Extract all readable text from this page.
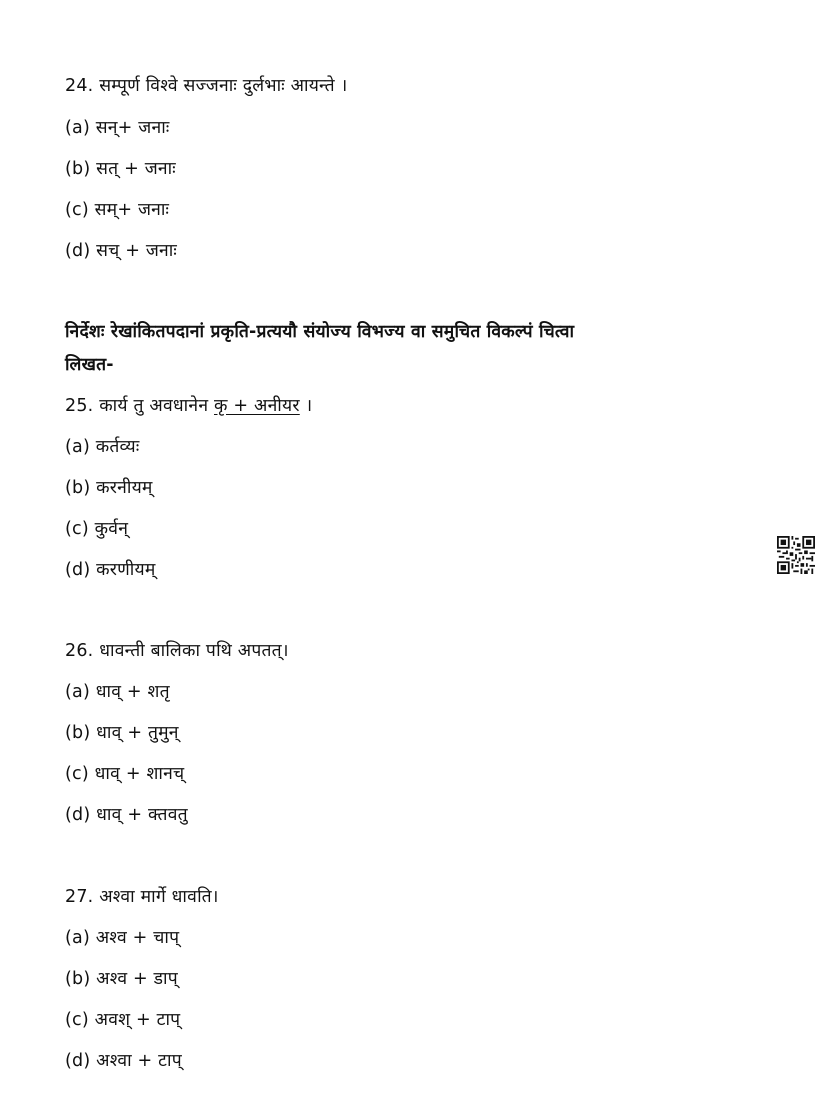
24. सम्पूर्ण विश्वे सज्जनाः दुर्लभाः आयन्ते ।
(a) सन्+ जनाः
(b) सत् + जनाः
(c) सम्+ जनाः
(d) सच् + जनाः
निर्देशः रेखांकितपदानां प्रकृति-प्रत्ययौ संयोज्य विभज्य वा समुचित विकल्पं चित्वा
लिखत-
25. कार्य तु अवधानेन कृ + अनीयर ।
(a) कर्तव्यः
(b) करनीयम्
(c) कुर्वन्
(d) करणीयम्
26. धावन्ती बालिका पथि अपतत्।
(a) धाव् + शतृ
(b) धाव् + तुमुन्
(c) धाव् + शानच्
(d) धाव् + क्तवतु
27. अश्वा मार्गे धावति।
(a) अश्व + चाप्
(b) अश्व + डाप्
(c) अवश् + टाप्
(d) अश्वा + टाप्
